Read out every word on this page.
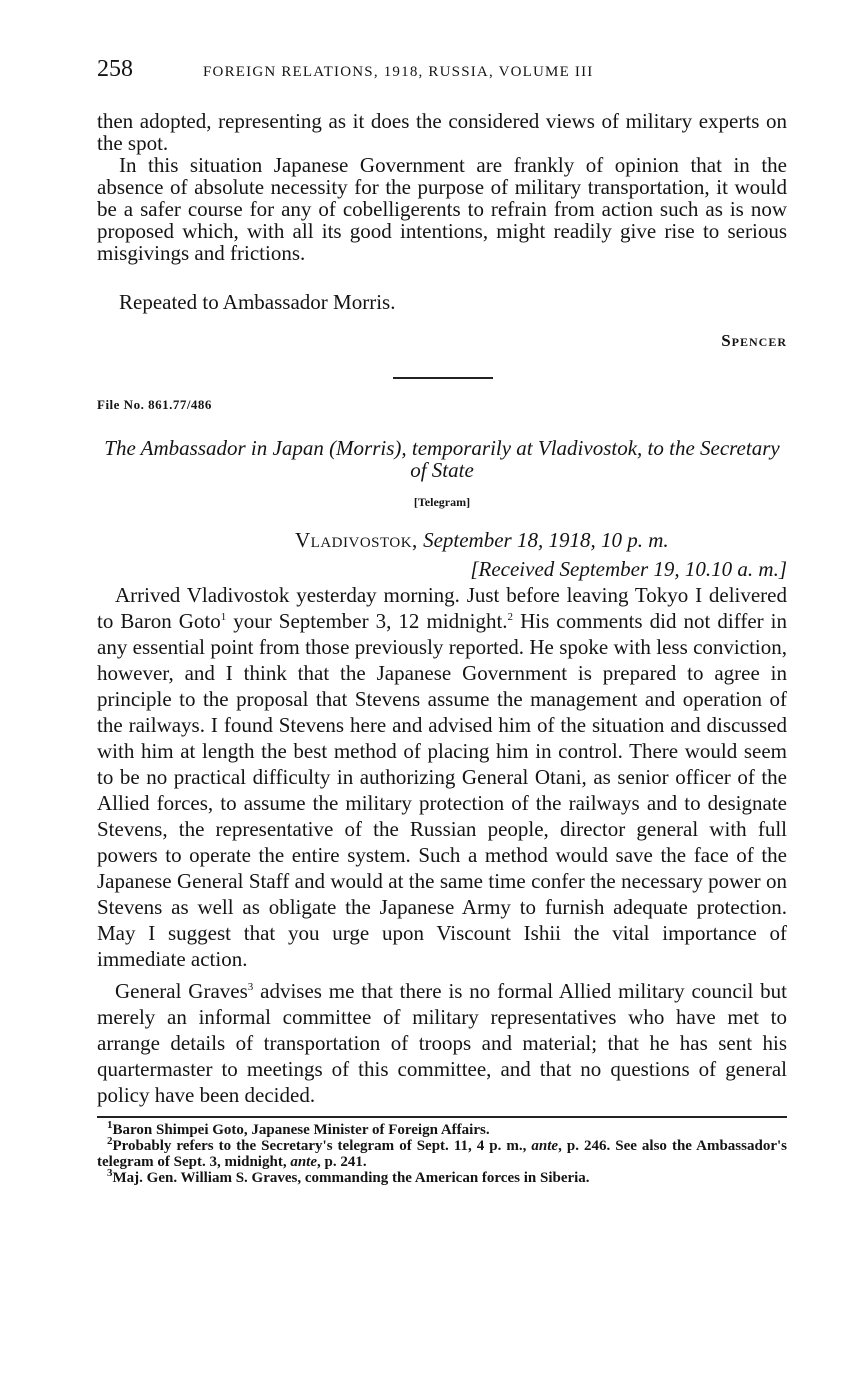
258	FOREIGN RELATIONS, 1918, RUSSIA, VOLUME III

then adopted, representing as it does the considered views of military experts on the spot.

In this situation Japanese Government are frankly of opinion that in the absence of absolute necessity for the purpose of military transportation, it would be a safer course for any of cobelligerents to refrain from action such as is now proposed which, with all its good intentions, might readily give rise to serious misgivings and frictions.

Repeated to Ambassador Morris.

Spencer
File No. 861.77/486
The Ambassador in Japan (Morris), temporarily at Vladivostok, to the Secretary of State
[Telegram]
Vladivostok, September 18, 1918, 10 p. m.
[Received September 19, 10.10 a. m.]

Arrived Vladivostok yesterday morning. Just before leaving Tokyo I delivered to Baron Goto$^1$ your September 3, 12 midnight.$^2$ His comments did not differ in any essential point from those previously reported. He spoke with less conviction, however, and I think that the Japanese Government is prepared to agree in principle to the proposal that Stevens assume the management and operation of the railways. I found Stevens here and advised him of the situation and discussed with him at length the best method of placing him in control. There would seem to be no practical difficulty in authorizing General Otani, as senior officer of the Allied forces, to assume the military protection of the railways and to designate Stevens, the representative of the Russian people, director general with full powers to operate the entire system. Such a method would save the face of the Japanese General Staff and would at the same time confer the necessary power on Stevens as well as obligate the Japanese Army to furnish adequate protection. May I suggest that you urge upon Viscount Ishii the vital importance of immediate action.

General Graves$^3$ advises me that there is no formal Allied military council but merely an informal committee of military representatives who have met to arrange details of transportation of troops and material; that he has sent his quartermaster to meetings of this committee, and that no questions of general policy have been decided.

$^1$Baron Shimpei Goto, Japanese Minister of Foreign Affairs.

$^2$Probably refers to the Secretary's telegram of Sept. 11, 4 p. m., ante, p. 246. See also the Ambassador's telegram of Sept. 3, midnight, ante, p. 241.

$^3$Maj. Gen. William S. Graves, commanding the American forces in Siberia.
